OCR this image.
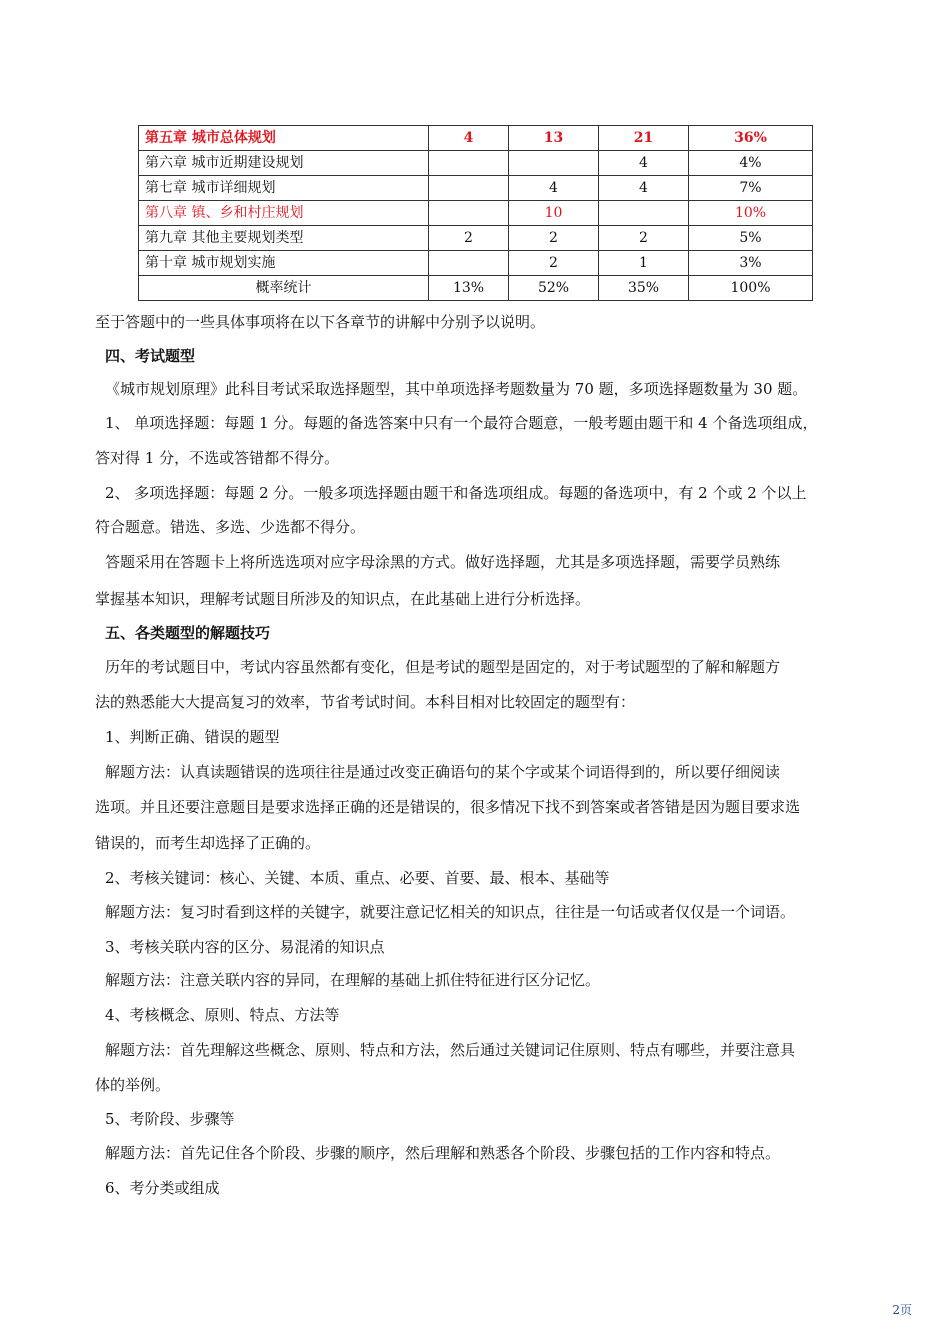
第五章 城市总体规划	4	13	21	36%
第六章 城市近期建设规划			4	4%
第七章 城市详细规划		4	4	7%
第八章 镇、乡和村庄规划		10		10%
第九章 其他主要规划类型	2	2	2	5%
第十章 城市规划实施		2	1	3%
概率统计	13%	52%	35%	100%
至于答题中的一些具体事项将在以下各章节的讲解中分别予以说明。
四、考试题型
《城市规划原理》此科目考试采取选择题型，其中单项选择考题数量为 70 题，多项选择题数量为 30 题。
1、 单项选择题：每题 1 分。每题的备选答案中只有一个最符合题意，一般考题由题干和 4 个备选项组成，
答对得 1 分，不选或答错都不得分。
2、 多项选择题：每题 2 分。一般多项选择题由题干和备选项组成。每题的备选项中，有 2 个或 2 个以上
符合题意。错选、多选、少选都不得分。
答题采用在答题卡上将所选选项对应字母涂黑的方式。做好选择题，尤其是多项选择题，需要学员熟练
掌握基本知识，理解考试题目所涉及的知识点，在此基础上进行分析选择。
五、各类题型的解题技巧
历年的考试题目中，考试内容虽然都有变化，但是考试的题型是固定的，对于考试题型的了解和解题方
法的熟悉能大大提高复习的效率，节省考试时间。本科目相对比较固定的题型有：
1、判断正确、错误的题型
解题方法：认真读题错误的选项往往是通过改变正确语句的某个字或某个词语得到的，所以要仔细阅读
选项。并且还要注意题目是要求选择正确的还是错误的，很多情况下找不到答案或者答错是因为题目要求选
错误的，而考生却选择了正确的。
2、考核关键词：核心、关键、本质、重点、必要、首要、最、根本、基础等
解题方法：复习时看到这样的关键字，就要注意记忆相关的知识点，往往是一句话或者仅仅是一个词语。
3、考核关联内容的区分、易混淆的知识点
解题方法：注意关联内容的异同，在理解的基础上抓住特征进行区分记忆。
4、考核概念、原则、特点、方法等
解题方法：首先理解这些概念、原则、特点和方法，然后通过关键词记住原则、特点有哪些，并要注意具
体的举例。
5、考阶段、步骤等
解题方法：首先记住各个阶段、步骤的顺序，然后理解和熟悉各个阶段、步骤包括的工作内容和特点。
6、考分类或组成
2页
